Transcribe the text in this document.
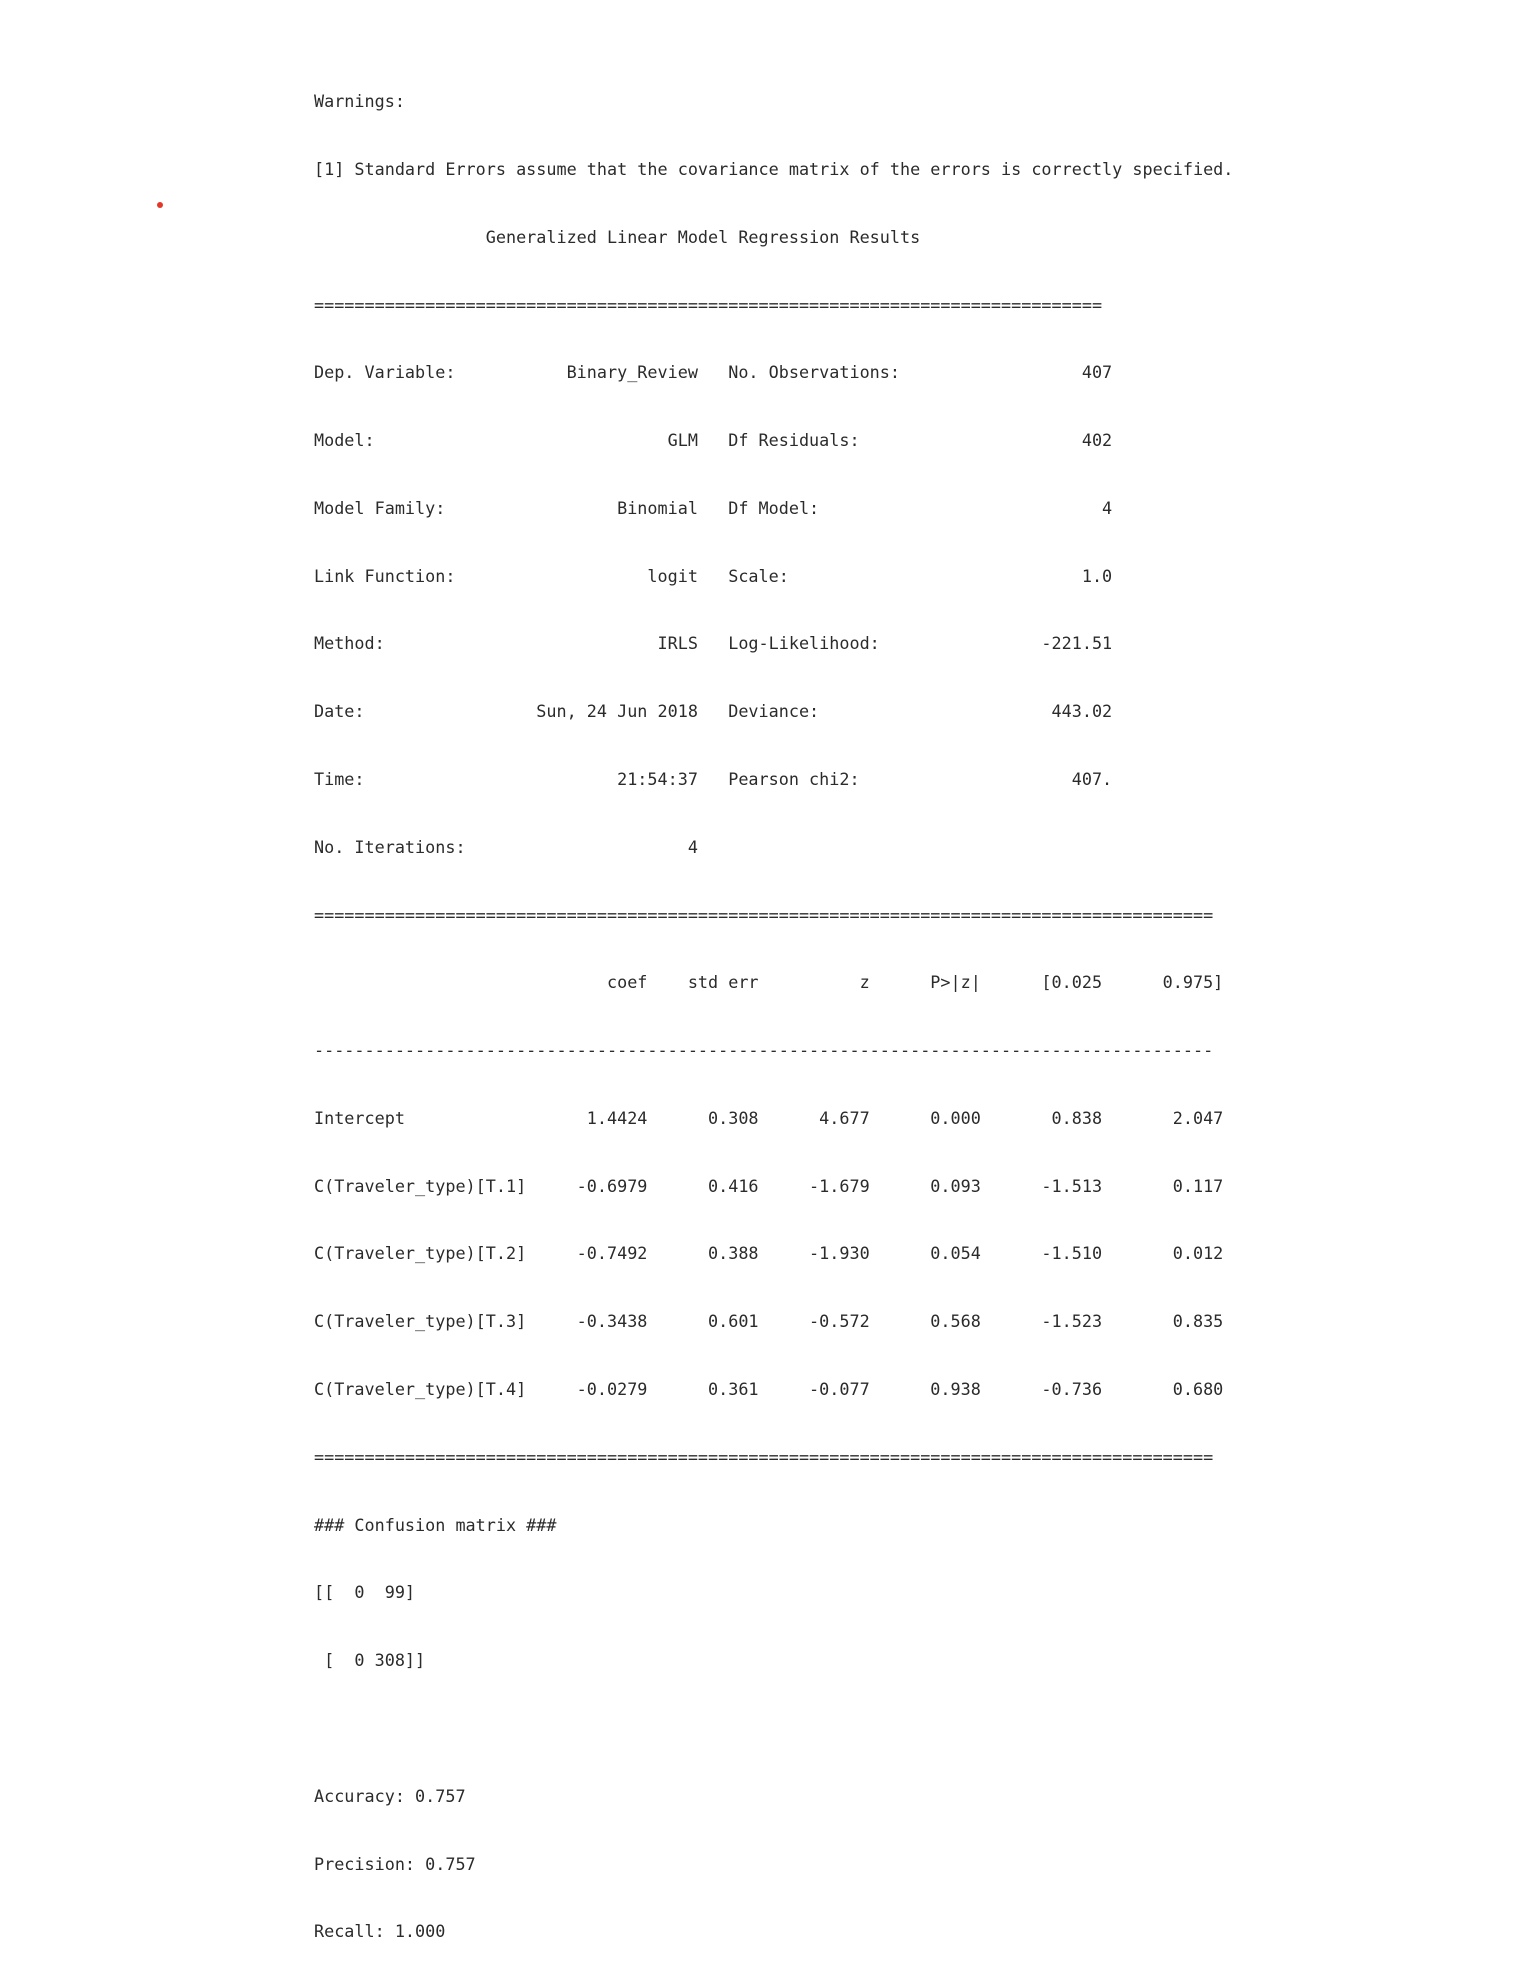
Warnings:

[1] Standard Errors assume that the covariance matrix of the errors is correctly specified.

Generalized Linear Model Regression Results

==============================================================================

Dep. Variable:           Binary_Review   No. Observations:                  407

Model:                             GLM   Df Residuals:                      402

Model Family:                 Binomial   Df Model:                            4

Link Function:                   logit   Scale:                             1.0

Method:                           IRLS   Log-Likelihood:                -221.51

Date:                 Sun, 24 Jun 2018   Deviance:                       443.02

Time:                         21:54:37   Pearson chi2:                     407.

No. Iterations:                      4

=========================================================================================

coef    std err          z      P>|z|      [0.025      0.975]

-----------------------------------------------------------------------------------------

Intercept                  1.4424      0.308      4.677      0.000       0.838       2.047

C(Traveler_type)[T.1]     -0.6979      0.416     -1.679      0.093      -1.513       0.117

C(Traveler_type)[T.2]     -0.7492      0.388     -1.930      0.054      -1.510       0.012

C(Traveler_type)[T.3]     -0.3438      0.601     -0.572      0.568      -1.523       0.835

C(Traveler_type)[T.4]     -0.0279      0.361     -0.077      0.938      -0.736       0.680

=========================================================================================

### Confusion matrix ###

[[  0  99]

[  0 308]]

Accuracy: 0.757

Precision: 0.757

Recall: 1.000
